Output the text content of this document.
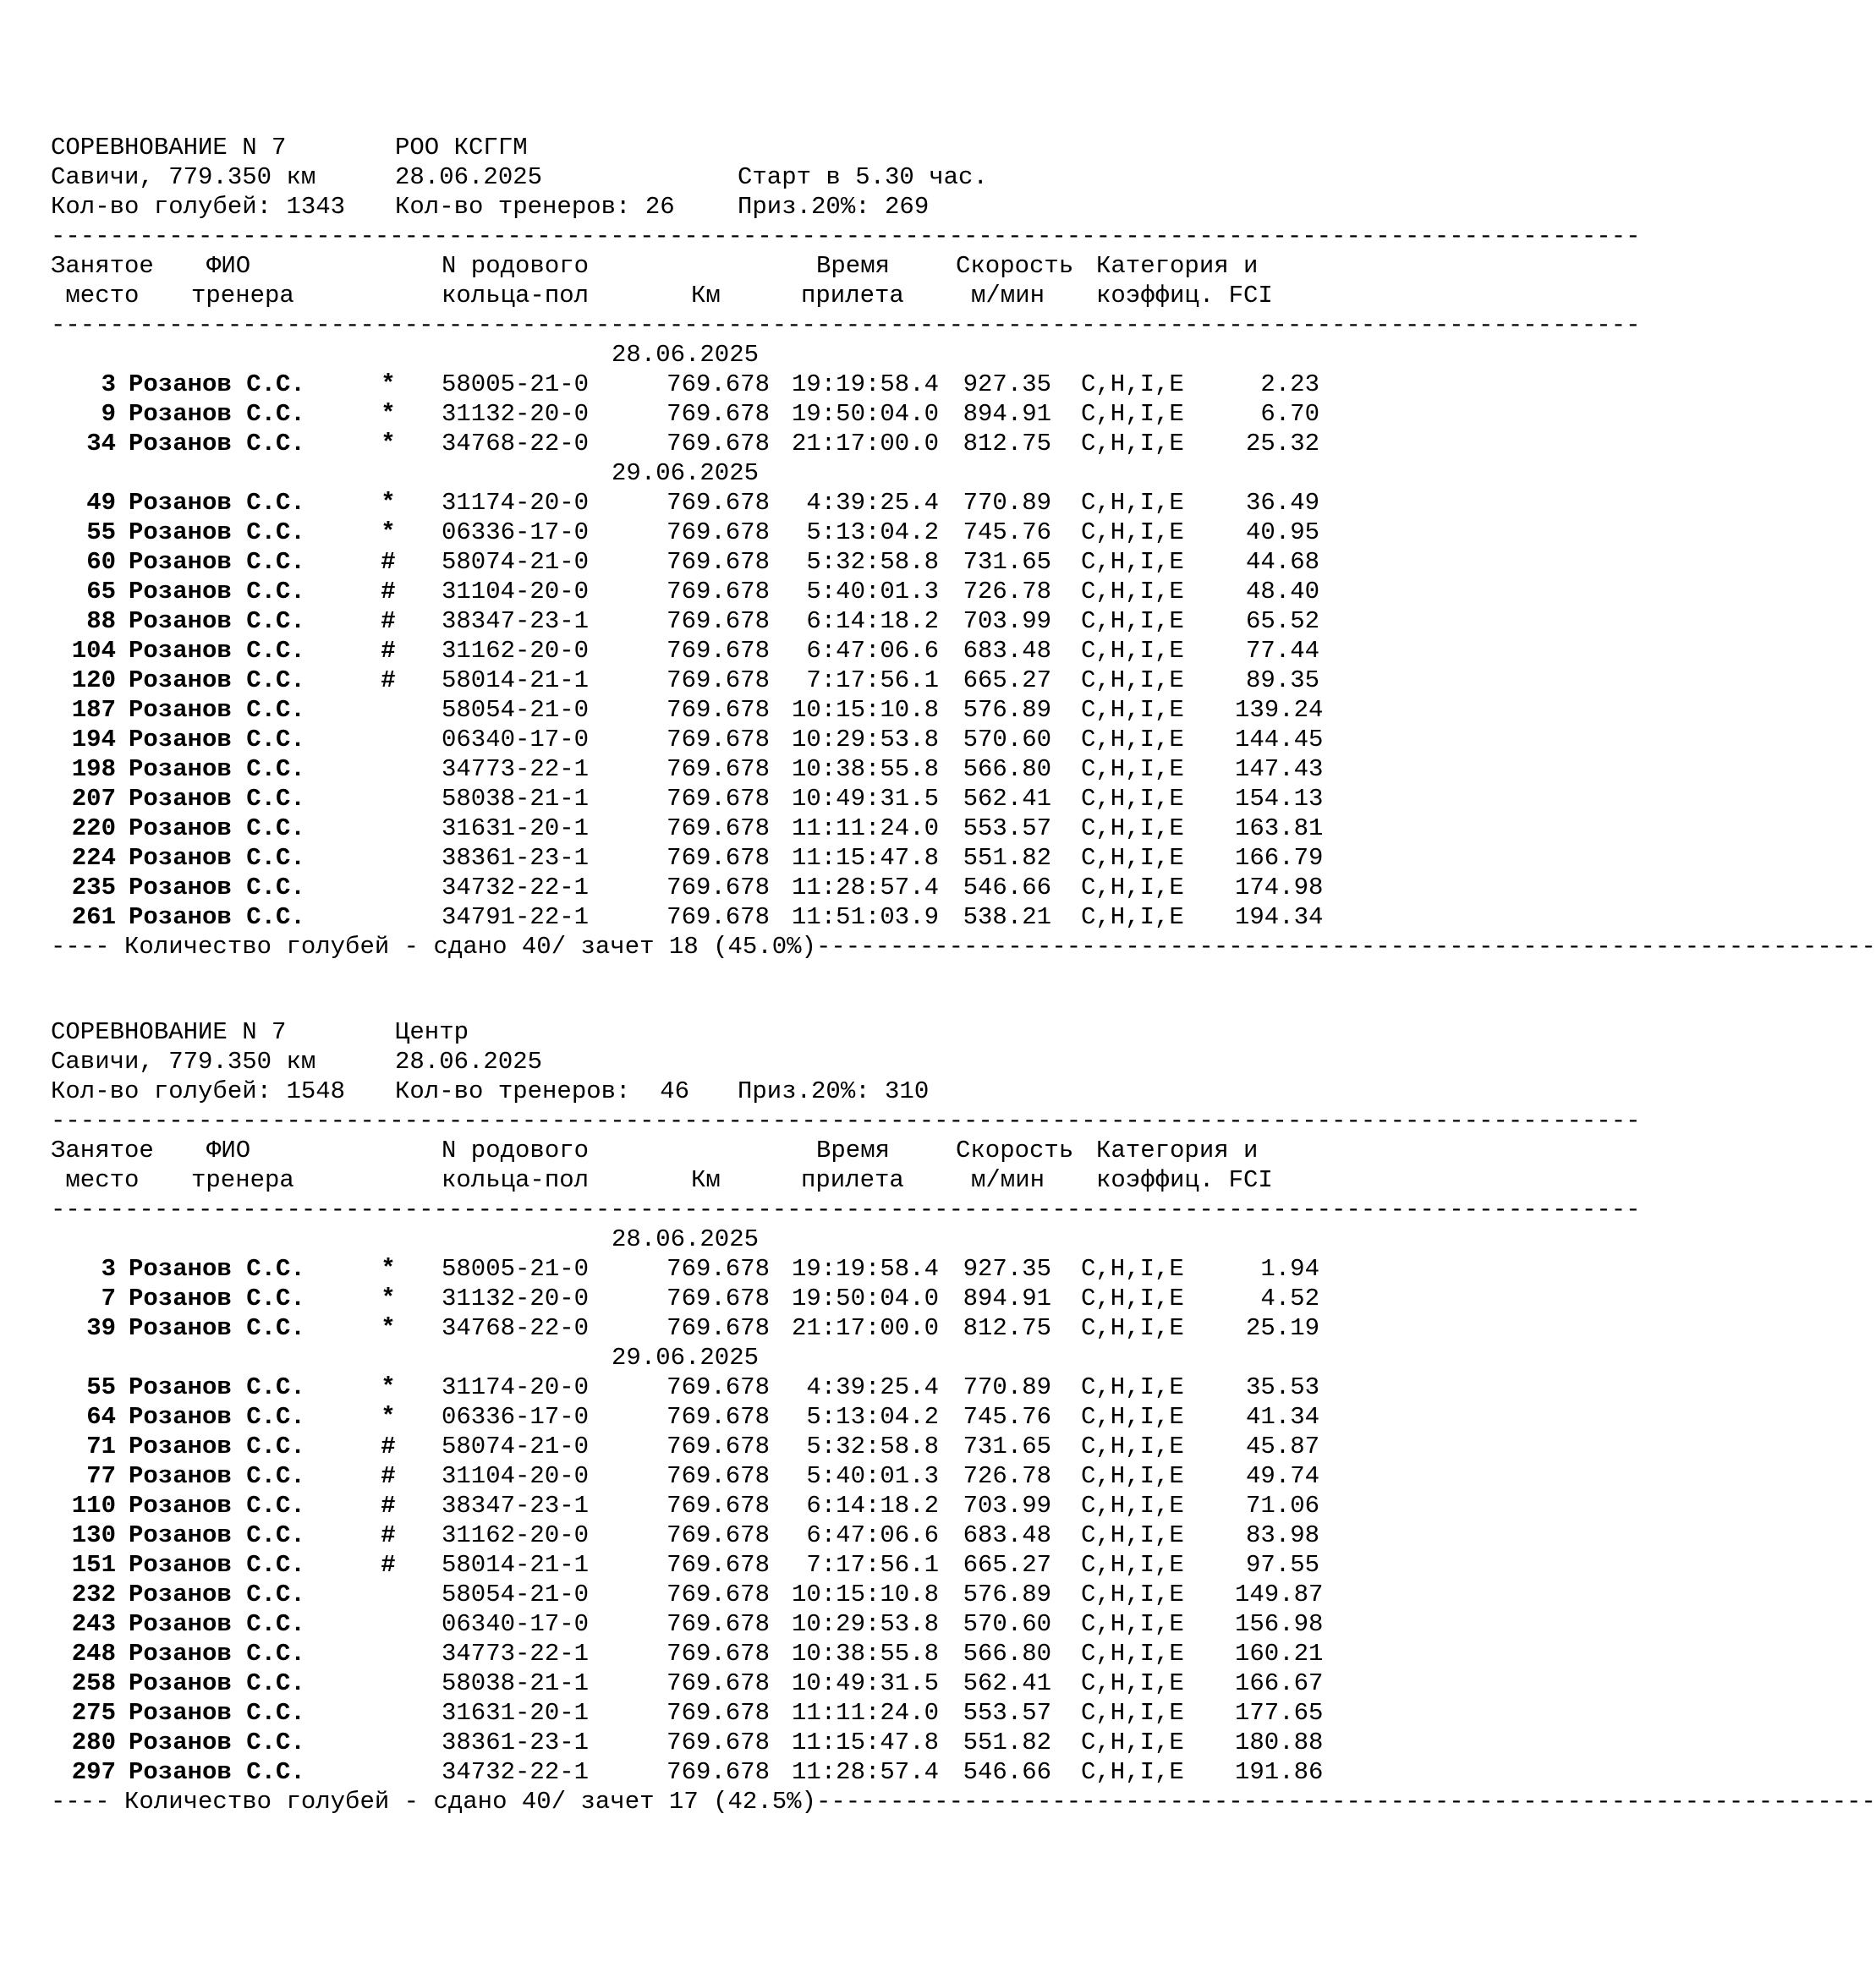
СОРЕВНОВАНИЕ N 7

	РОО КСГГМ

Савичи, 779.350 км

	28.06.2025

	Старт в 5.30 час.

Кол-во голубей: 1343

Кол-во тренеров: 26

	Приз.20%: 269

------------------------------------------------------------------------------------------------------------

Занятое

ФИО

	N родового

	Время

	Скорость

Категория и

место

тренера

	кольца-пол

	Км

	прилета

	м/мин

коэффиц. FCI

------------------------------------------------------------------------------------------------------------
28.06.2025
3 Розанов С.С.	* 58005-21-0	769.678 19:19:58.4 927.35 C,H,I,E	2.23
9 Розанов С.С.	* 31132-20-0	769.678 19:50:04.0 894.91 C,H,I,E	6.70
34 Розанов С.С.	* 34768-22-0	769.678 21:17:00.0 812.75 C,H,I,E	25.32
29.06.2025
49 Розанов С.С.	* 31174-20-0	769.678	4:39:25.4 770.89 C,H,I,E	36.49
55 Розанов С.С.	* 06336-17-0	769.678	5:13:04.2 745.76 C,H,I,E	40.95
60 Розанов С.С.	# 58074-21-0	769.678	5:32:58.8 731.65 C,H,I,E	44.68
65 Розанов С.С.	# 31104-20-0	769.678	5:40:01.3 726.78 C,H,I,E	48.40
88 Розанов С.С.	# 38347-23-1	769.678	6:14:18.2 703.99 C,H,I,E	65.52
104 Розанов С.С.	# 31162-20-0	769.678	6:47:06.6 683.48 C,H,I,E	77.44
120 Розанов С.С.	# 58014-21-1	769.678	7:17:56.1 665.27 C,H,I,E	89.35
187 Розанов С.С.	58054-21-0	769.678 10:15:10.8 576.89 C,H,I,E	139.24
194 Розанов С.С.	06340-17-0	769.678 10:29:53.8 570.60 C,H,I,E	144.45
198 Розанов С.С.	34773-22-1	769.678 10:38:55.8 566.80 C,H,I,E	147.43
207 Розанов С.С.	58038-21-1	769.678 10:49:31.5 562.41 C,H,I,E	154.13
220 Розанов С.С.	31631-20-1	769.678 11:11:24.0 553.57 C,H,I,E	163.81
224 Розанов С.С.	38361-23-1	769.678 11:15:47.8 551.82 C,H,I,E	166.79
235 Розанов С.С.	34732-22-1	769.678 11:28:57.4 546.66 C,H,I,E	174.98
261 Розанов С.С.	34791-22-1	769.678 11:51:03.9 538.21 C,H,I,E	194.34

---- Количество голубей - сдано 40/ зачет 18 (45.0%)------------------------------------------------------------------------

СОРЕВНОВАНИЕ N 7

	Центр

Савичи, 779.350 км

	28.06.2025

Кол-во голубей: 1548

Кол-во тренеров:  46

Приз.20%: 310

------------------------------------------------------------------------------------------------------------

Занятое

ФИО

	N родового

	Время

	Скорость

Категория и

место

тренера

	кольца-пол

	Км

	прилета

	м/мин

коэффиц. FCI

------------------------------------------------------------------------------------------------------------
28.06.2025
3 Розанов С.С.	* 58005-21-0	769.678 19:19:58.4 927.35 C,H,I,E	1.94
7 Розанов С.С.	* 31132-20-0	769.678 19:50:04.0 894.91 C,H,I,E	4.52
39 Розанов С.С.	* 34768-22-0	769.678 21:17:00.0 812.75 C,H,I,E	25.19
29.06.2025
55 Розанов С.С.	* 31174-20-0	769.678	4:39:25.4 770.89 C,H,I,E	35.53
64 Розанов С.С.	* 06336-17-0	769.678	5:13:04.2 745.76 C,H,I,E	41.34
71 Розанов С.С.	# 58074-21-0	769.678	5:32:58.8 731.65 C,H,I,E	45.87
77 Розанов С.С.	# 31104-20-0	769.678	5:40:01.3 726.78 C,H,I,E	49.74
110 Розанов С.С.	# 38347-23-1	769.678	6:14:18.2 703.99 C,H,I,E	71.06
130 Розанов С.С.	# 31162-20-0	769.678	6:47:06.6 683.48 C,H,I,E	83.98
151 Розанов С.С.	# 58014-21-1	769.678	7:17:56.1 665.27 C,H,I,E	97.55
232 Розанов С.С.	58054-21-0	769.678 10:15:10.8 576.89 C,H,I,E	149.87
243 Розанов С.С.	06340-17-0	769.678 10:29:53.8 570.60 C,H,I,E	156.98
248 Розанов С.С.	34773-22-1	769.678 10:38:55.8 566.80 C,H,I,E	160.21
258 Розанов С.С.	58038-21-1	769.678 10:49:31.5 562.41 C,H,I,E	166.67
275 Розанов С.С.	31631-20-1	769.678 11:11:24.0 553.57 C,H,I,E	177.65
280 Розанов С.С.	38361-23-1	769.678 11:15:47.8 551.82 C,H,I,E	180.88
297 Розанов С.С.	34732-22-1	769.678 11:28:57.4 546.66 C,H,I,E	191.86

---- Количество голубей - сдано 40/ зачет 17 (42.5%)------------------------------------------------------------------------
